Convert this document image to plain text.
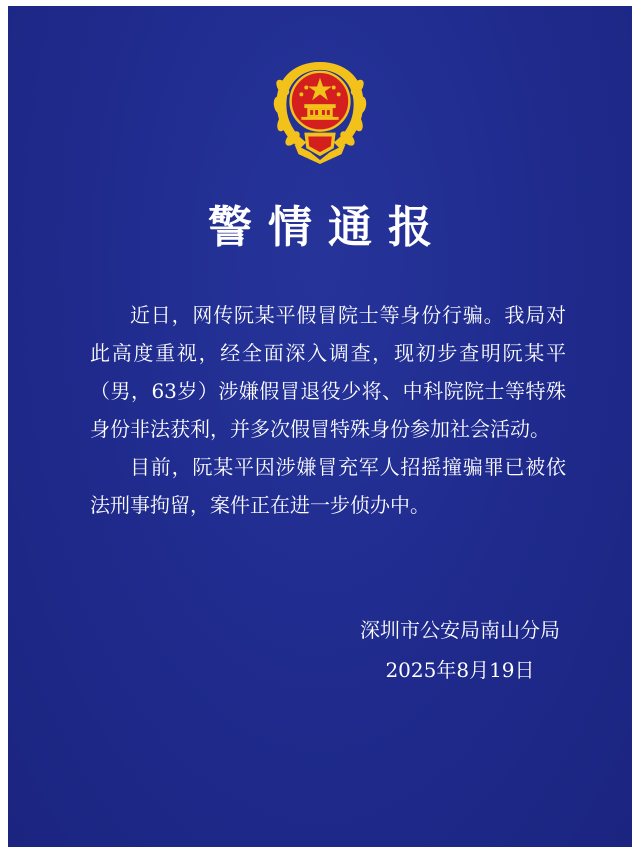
警情通报

近日，网传阮某平假冒院士等身份行骗。我局对此高度重视，经全面深入调查，现初步查明阮某平（男，63岁）涉嫌假冒退役少将、中科院院士等特殊身份非法获利，并多次假冒特殊身份参加社会活动。

目前，阮某平因涉嫌冒充军人招摇撞骗罪已被依法刑事拘留，案件正在进一步侦办中。

深圳市公安局南山分局
2025年8月19日
